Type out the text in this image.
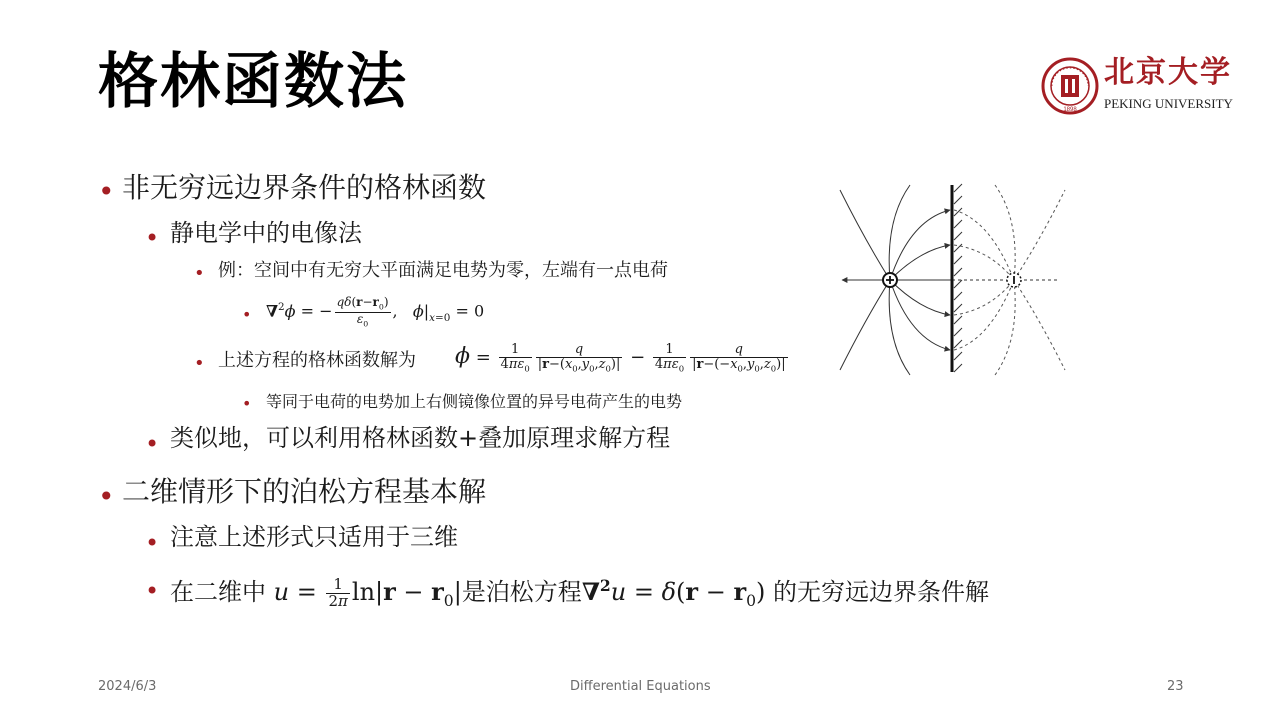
格林函数法	1898
北京大学
PEKING UNIVERSITY
• 非无穷远边界条件的格林函数
• 静电学中的电像法
• 例：空间中有无穷大平面满足电势为零，左端有一点电荷
• ∇$^2$ϕ = − $\frac{q\delta(r-r_0)}{\varepsilon_0}$ ,   $\phi|_{x=0} = 0$
• 上述方程的格林函数解为 $\phi = \frac{1}{4\pi\varepsilon_0} \frac{q}{|r-(x_0,y_0,z_0)|} - \frac{1}{4\pi\varepsilon_0} \frac{q}{|r-(-x_0,y_0,z_0)|}$
• 等同于电荷的电势加上右侧镜像位置的异号电荷产生的电势
• 类似地，可以利用格林函数+叠加原理求解方程
• 二维情形下的泊松方程基本解
• 注意上述形式只适用于三维
• 在二维中 $u = \frac{1}{2\pi} \ln|r - r_0|$是泊松方程$\nabla^2u = \delta(r - r_0)$ 的无穷远边界条件解
2024/6/3	Differential Equations	23
